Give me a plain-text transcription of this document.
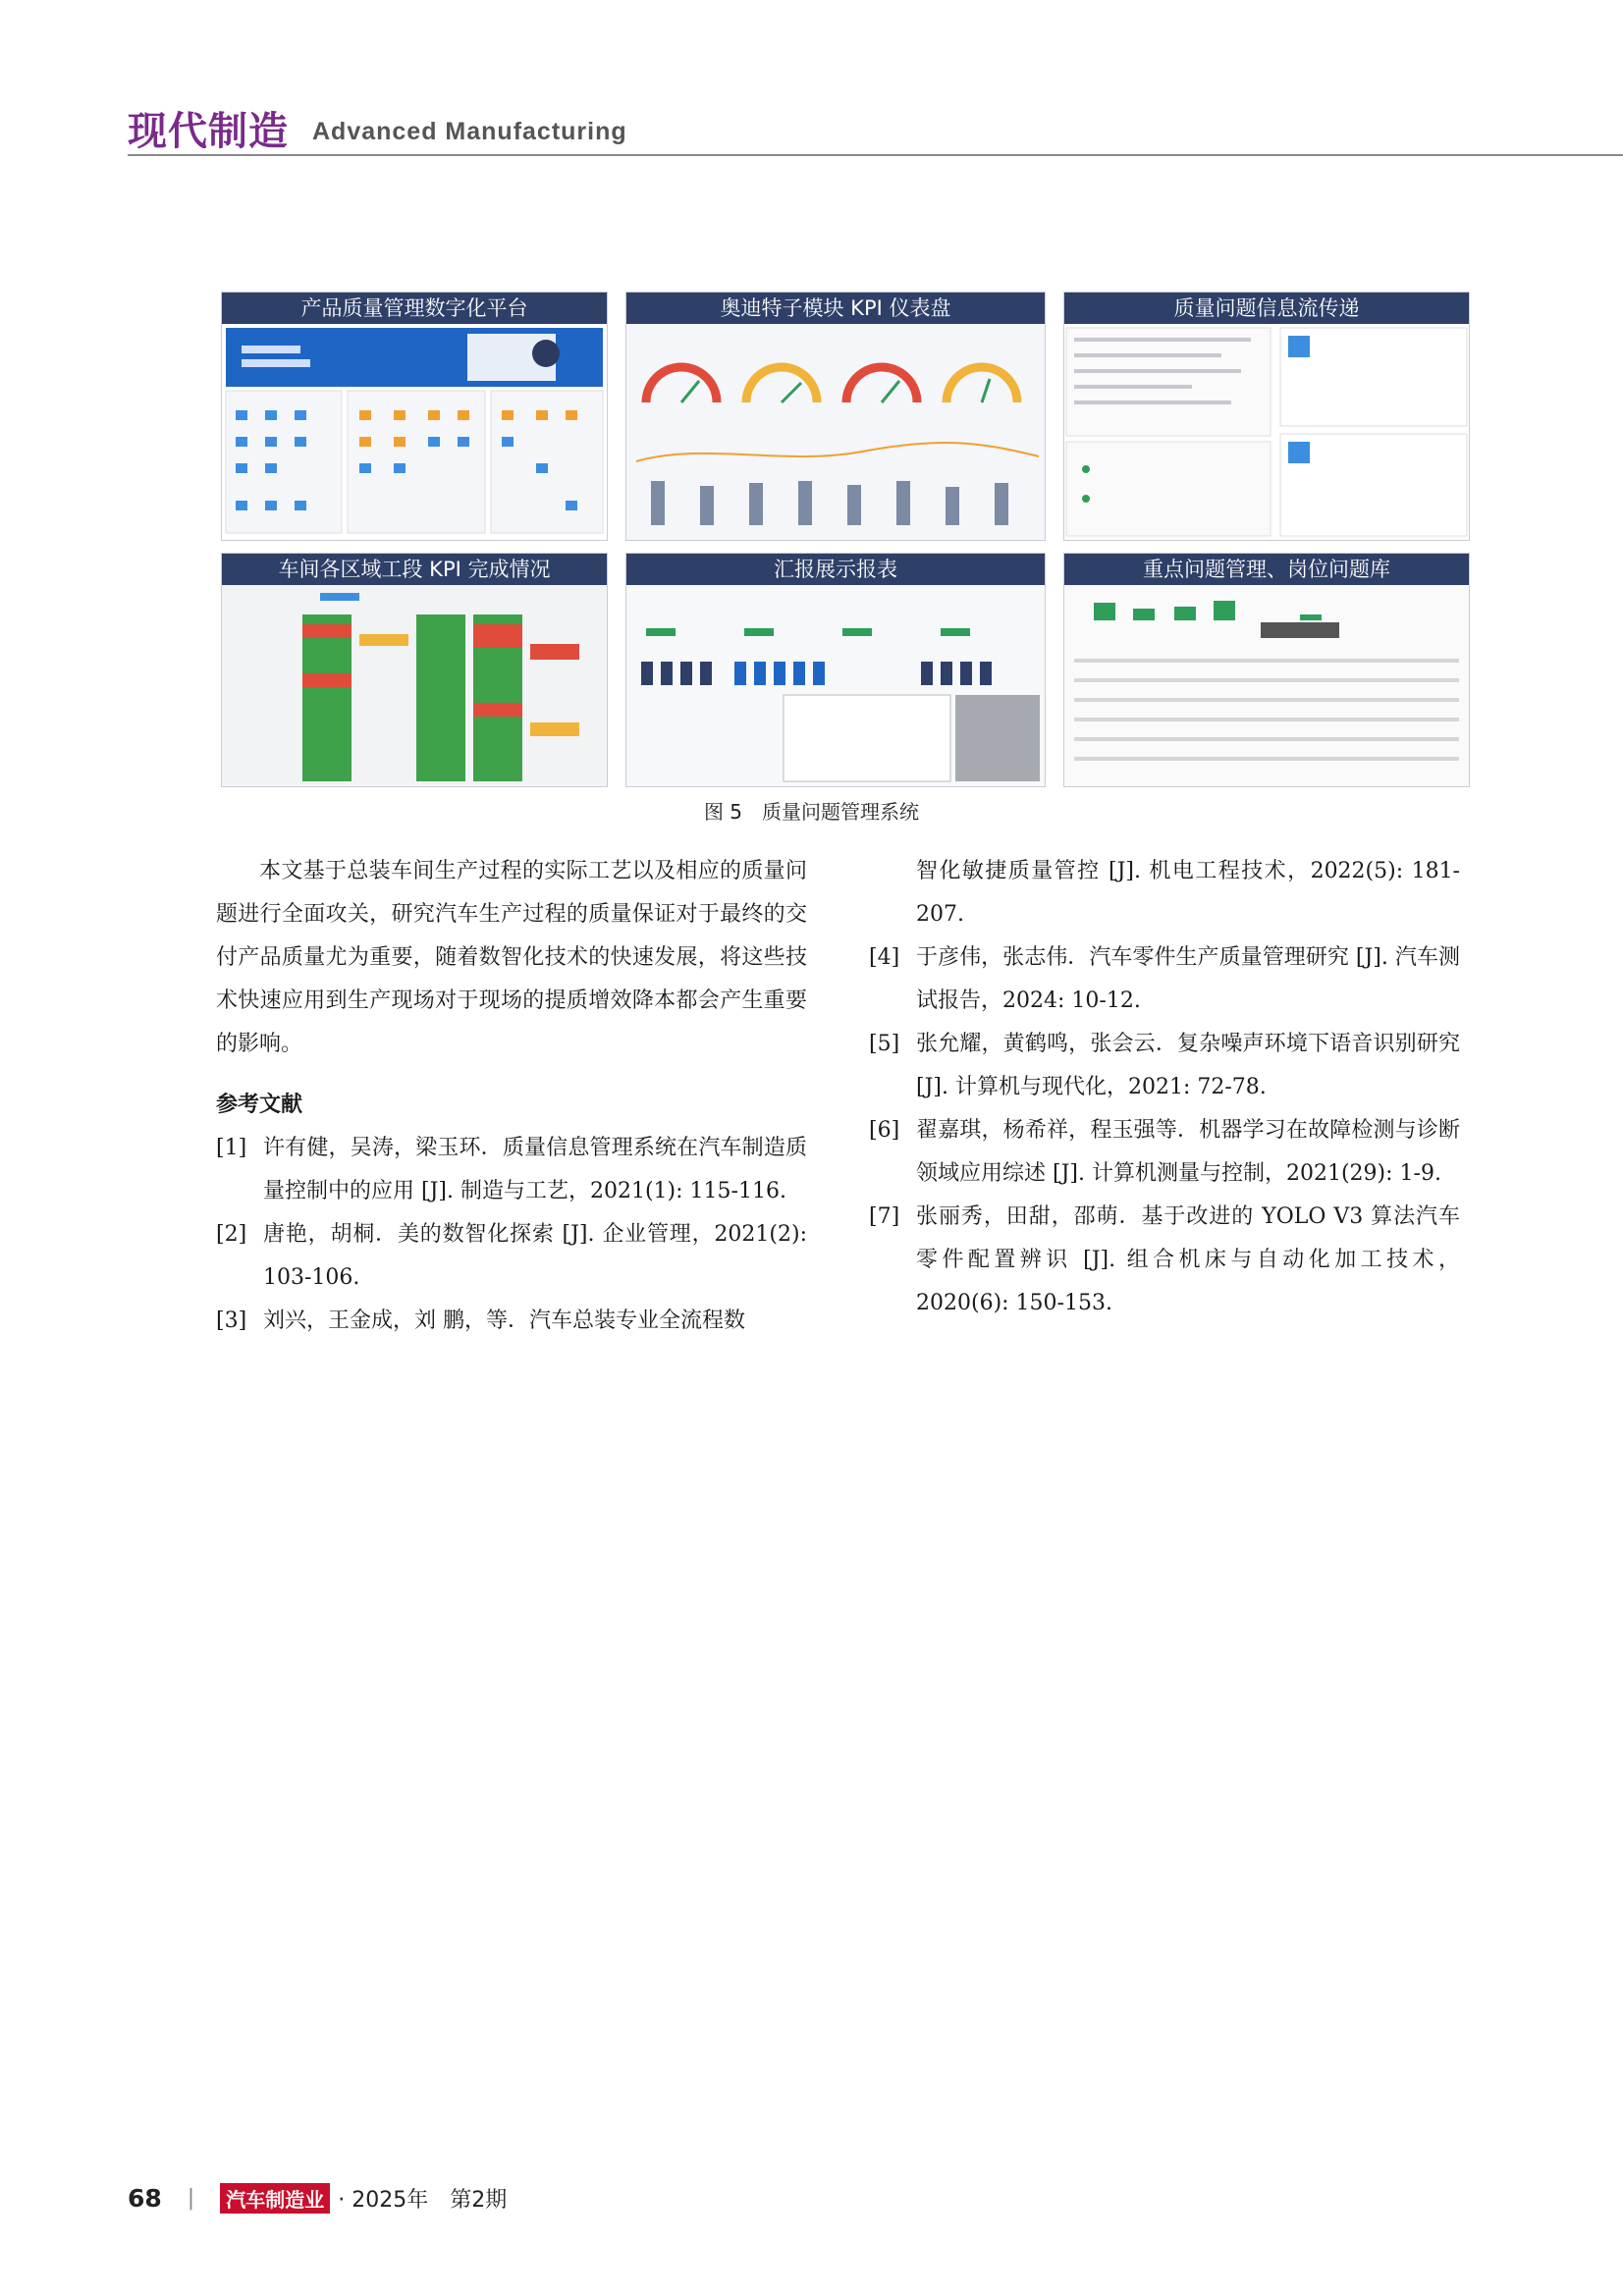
现代制造 Advanced Manufacturing
产品质量管理数字化平台	奥迪特子模块 KPI 仪表盘	质量问题信息流传递
车间各区域工段 KPI 完成情况	汇报展示报表	重点问题管理、岗位问题库
图 5　质量问题管理系统

本文基于总装车间生产过程的实际工艺以及相应的质量问题进行全面攻关，研究汽车生产过程的质量保证对于最终的交付产品质量尤为重要，随着数智化技术的快速发展，将这些技术快速应用到生产现场对于现场的提质增效降本都会产生重要的影响。

参考文献
[1] 许有健，吴涛，梁玉环．质量信息管理系统在汽车制造质量控制中的应用 [J]. 制造与工艺，2021(1): 115-116.
[2] 唐艳，胡桐．美的数智化探索 [J]. 企业管理，2021(2): 103-106.
[3] 刘兴，王金成，刘 鹏，等．汽车总装专业全流程数
智化敏捷质量管控 [J]. 机电工程技术，2022(5): 181-207.
[4] 于彦伟，张志伟．汽车零件生产质量管理研究 [J]. 汽车测试报告，2024: 10-12.
[5] 张允耀，黄鹤鸣，张会云．复杂噪声环境下语音识别研究 [J]. 计算机与现代化，2021: 72-78.
[6] 翟嘉琪，杨希祥，程玉强等．机器学习在故障检测与诊断领域应用综述 [J]. 计算机测量与控制，2021(29): 1-9.
[7] 张丽秀，田甜，邵萌．基于改进的 YOLO V3 算法汽车零件配置辨识 [J]. 组合机床与自动化加工技术，2020(6): 150-153.
68 |	汽车制造业 · 2025年　第2期
